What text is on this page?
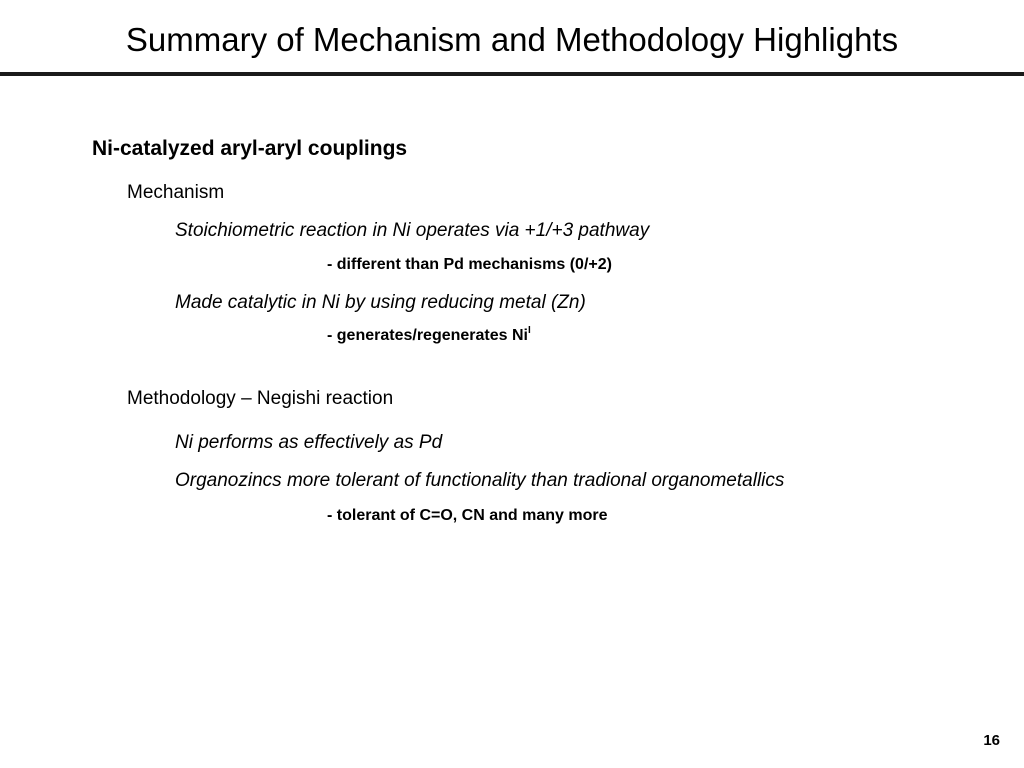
Summary of Mechanism and Methodology Highlights
Ni-catalyzed aryl-aryl couplings
Mechanism
Stoichiometric reaction in Ni operates via +1/+3 pathway
- different than Pd mechanisms (0/+2)
Made catalytic in Ni by using reducing metal (Zn)
- generates/regenerates $Ni^I$
Methodology – Negishi reaction
Ni performs as effectively as Pd
Organozincs more tolerant of functionality than tradional organometallics
- tolerant of C=O, CN and many more
16
